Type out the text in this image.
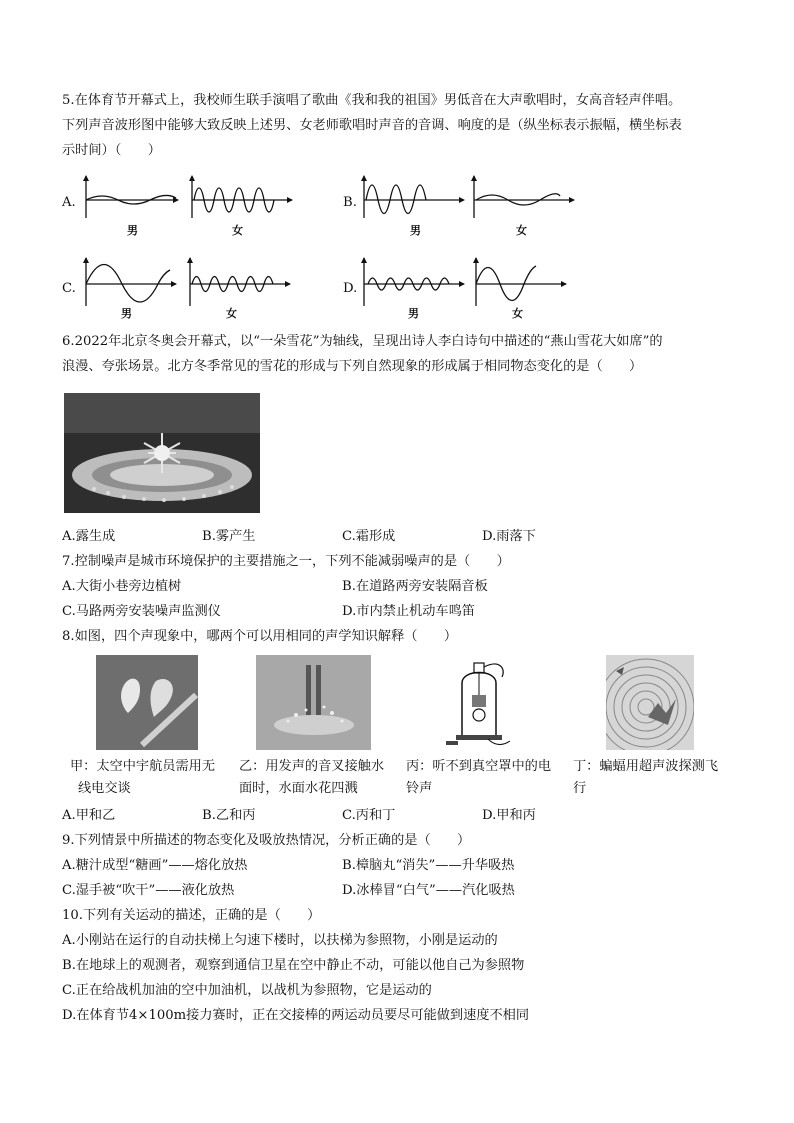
5.在体育节开幕式上，我校师生联手演唱了歌曲《我和我的祖国》男低音在大声歌唱时，女高音轻声伴唱。
下列声音波形图中能够大致反映上述男、女老师歌唱时声音的音调、响度的是（纵坐标表示振幅，横坐标表
示时间）（　　）
A.
男	女
B.
男	女
C.
男	女
D.
男	女
6.2022年北京冬奥会开幕式，以“一朵雪花”为轴线，呈现出诗人李白诗句中描述的“燕山雪花大如席”的
浪漫、夸张场景。北方冬季常见的雪花的形成与下列自然现象的形成属于相同物态变化的是（　　）
A.露生成	B.雾产生	C.霜形成	D.雨落下
7.控制噪声是城市环境保护的主要措施之一，下列不能减弱噪声的是（　　）
A.大街小巷旁边植树	B.在道路两旁安装隔音板
C.马路两旁安装噪声监测仪	D.市内禁止机动车鸣笛
8.如图，四个声现象中，哪两个可以用相同的声学知识解释（　　）
甲：太空中宇航员需用无
线电交谈
乙：用发声的音叉接触水
面时，水面水花四溅
丙：听不到真空罩中的电
铃声
丁：蝙蝠用超声波探测飞
行
A.甲和乙	B.乙和丙	C.丙和丁	D.甲和丙
9.下列情景中所描述的物态变化及吸放热情况，分析正确的是（　　）
A.糖汁成型“糖画”——熔化放热	B.樟脑丸“消失”——升华吸热
C.湿手被“吹干”——液化放热	D.冰棒冒“白气”——汽化吸热
10.下列有关运动的描述，正确的是（　　）
A.小刚站在运行的自动扶梯上匀速下楼时，以扶梯为参照物，小刚是运动的
B.在地球上的观测者，观察到通信卫星在空中静止不动，可能以他自己为参照物
C.正在给战机加油的空中加油机，以战机为参照物，它是运动的
D.在体育节4×100m接力赛时，正在交接棒的两运动员要尽可能做到速度不相同
